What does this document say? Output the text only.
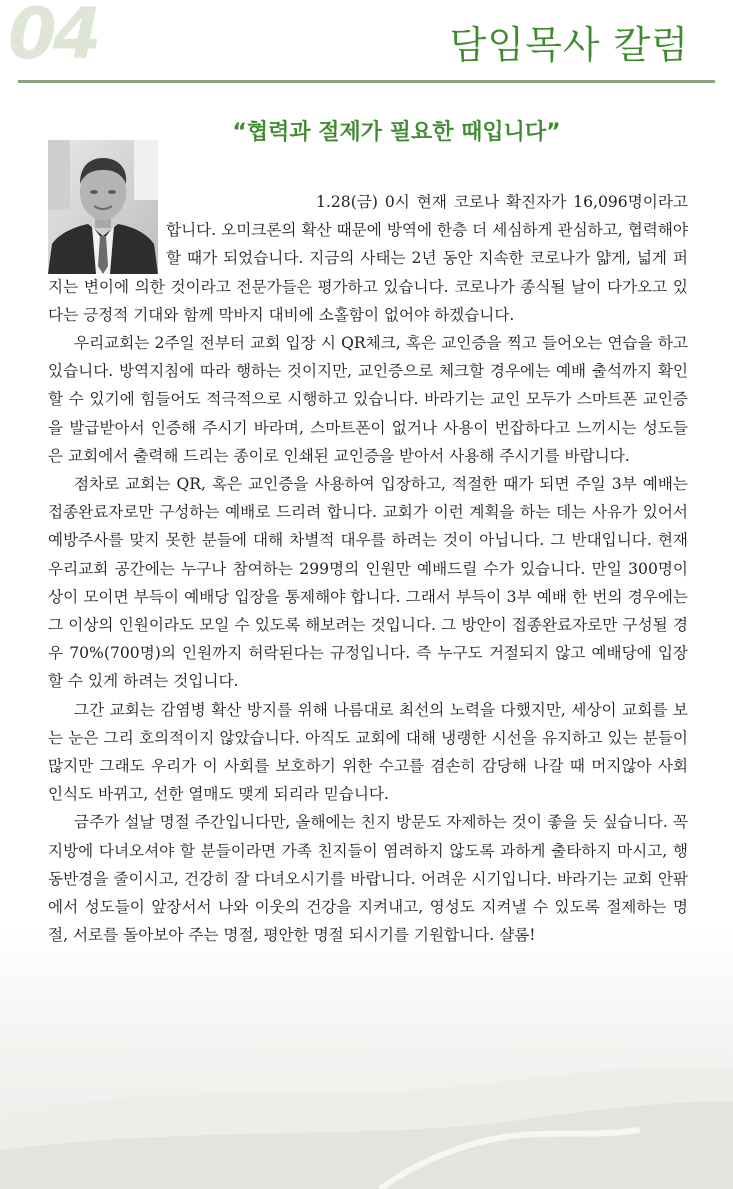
04	담임목사 칼럼
“협력과 절제가 필요한 때입니다”

1.28(금) 0시 현재 코로나 확진자가 16,096명이라고 합니다. 오미크론의 확산 때문에 방역에 한층 더 세심하게 관심하고, 협력해야 할 때가 되었습니다. 지금의 사태는 2년 동안 지속한 코로나가 얇게, 넓게 퍼지는 변이에 의한 것이라고 전문가들은 평가하고 있습니다. 코로나가 종식될 날이 다가오고 있다는 긍정적 기대와 함께 막바지 대비에 소홀함이 없어야 하겠습니다.

우리교회는 2주일 전부터 교회 입장 시 QR체크, 혹은 교인증을 찍고 들어오는 연습을 하고 있습니다. 방역지침에 따라 행하는 것이지만, 교인증으로 체크할 경우에는 예배 출석까지 확인할 수 있기에 힘들어도 적극적으로 시행하고 있습니다. 바라기는 교인 모두가 스마트폰 교인증을 발급받아서 인증해 주시기 바라며, 스마트폰이 없거나 사용이 번잡하다고 느끼시는 성도들은 교회에서 출력해 드리는 종이로 인쇄된 교인증을 받아서 사용해 주시기를 바랍니다.

점차로 교회는 QR, 혹은 교인증을 사용하여 입장하고, 적절한 때가 되면 주일 3부 예배는 접종완료자로만 구성하는 예배로 드리려 합니다. 교회가 이런 계획을 하는 데는 사유가 있어서 예방주사를 맞지 못한 분들에 대해 차별적 대우를 하려는 것이 아닙니다. 그 반대입니다. 현재 우리교회 공간에는 누구나 참여하는 299명의 인원만 예배드릴 수가 있습니다. 만일 300명이상이 모이면 부득이 예배당 입장을 통제해야 합니다. 그래서 부득이 3부 예배 한 번의 경우에는 그 이상의 인원이라도 모일 수 있도록 해보려는 것입니다. 그 방안이 접종완료자로만 구성될 경우 70%(700명)의 인원까지 허락된다는 규정입니다. 즉 누구도 거절되지 않고 예배당에 입장할 수 있게 하려는 것입니다.

그간 교회는 감염병 확산 방지를 위해 나름대로 최선의 노력을 다했지만, 세상이 교회를 보는 눈은 그리 호의적이지 않았습니다. 아직도 교회에 대해 냉랭한 시선을 유지하고 있는 분들이 많지만 그래도 우리가 이 사회를 보호하기 위한 수고를 겸손히 감당해 나갈 때 머지않아 사회 인식도 바뀌고, 선한 열매도 맺게 되리라 믿습니다.

금주가 설날 명절 주간입니다만, 올해에는 친지 방문도 자제하는 것이 좋을 듯 싶습니다. 꼭 지방에 다녀오셔야 할 분들이라면 가족 친지들이 염려하지 않도록 과하게 출타하지 마시고, 행동반경을 줄이시고, 건강히 잘 다녀오시기를 바랍니다. 어려운 시기입니다. 바라기는 교회 안팎에서 성도들이 앞장서서 나와 이웃의 건강을 지켜내고, 영성도 지켜낼 수 있도록 절제하는 명절, 서로를 돌아보아 주는 명절, 평안한 명절 되시기를 기원합니다. 샬롬!
